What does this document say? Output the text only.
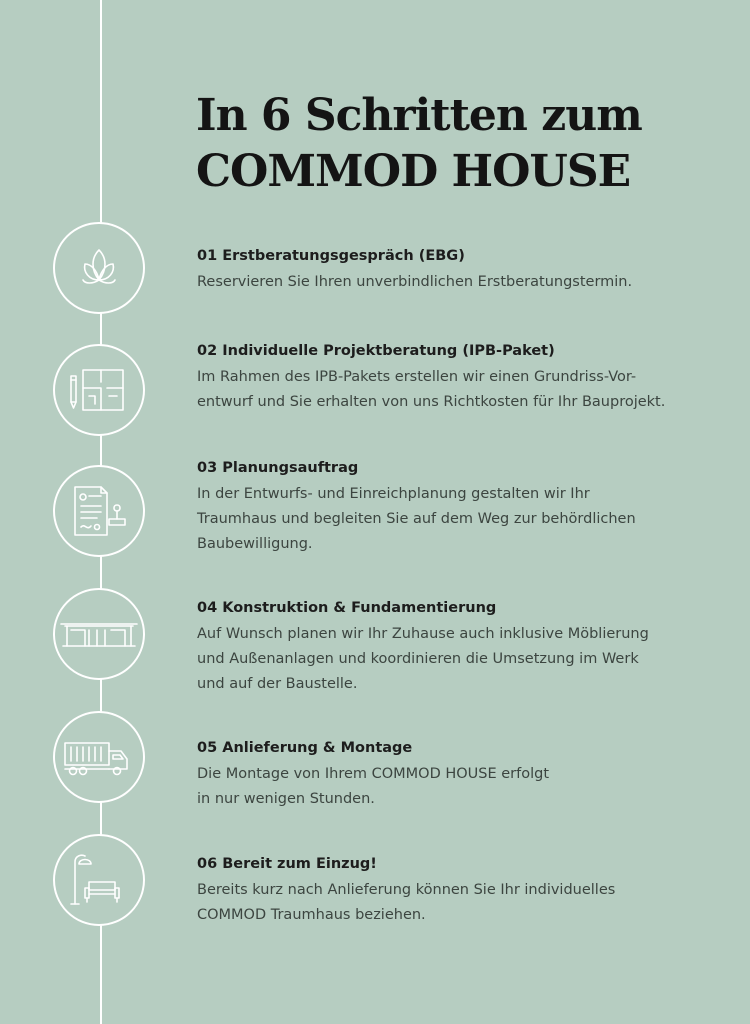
In 6 Schritten zum
COMMOD HOUSE
01 Erstberatungsgespräch (EBG)
Reservieren Sie Ihren unverbindlichen Erstberatungstermin.
02 Individuelle Projektberatung (IPB-Paket)
Im Rahmen des IPB-Pakets erstellen wir einen Grundriss-Vor-
entwurf und Sie erhalten von uns Richtkosten für Ihr Bauprojekt.
03 Planungsauftrag
In der Entwurfs- und Einreichplanung gestalten wir Ihr
Traumhaus und begleiten Sie auf dem Weg zur behördlichen
Baubewilligung.
04 Konstruktion & Fundamentierung
Auf Wunsch planen wir Ihr Zuhause auch inklusive Möblierung
und Außenanlagen und koordinieren die Umsetzung im Werk
und auf der Baustelle.
05 Anlieferung & Montage
Die Montage von Ihrem COMMOD HOUSE erfolgt
in nur wenigen Stunden.
06 Bereit zum Einzug!
Bereits kurz nach Anlieferung können Sie Ihr individuelles
COMMOD Traumhaus beziehen.
